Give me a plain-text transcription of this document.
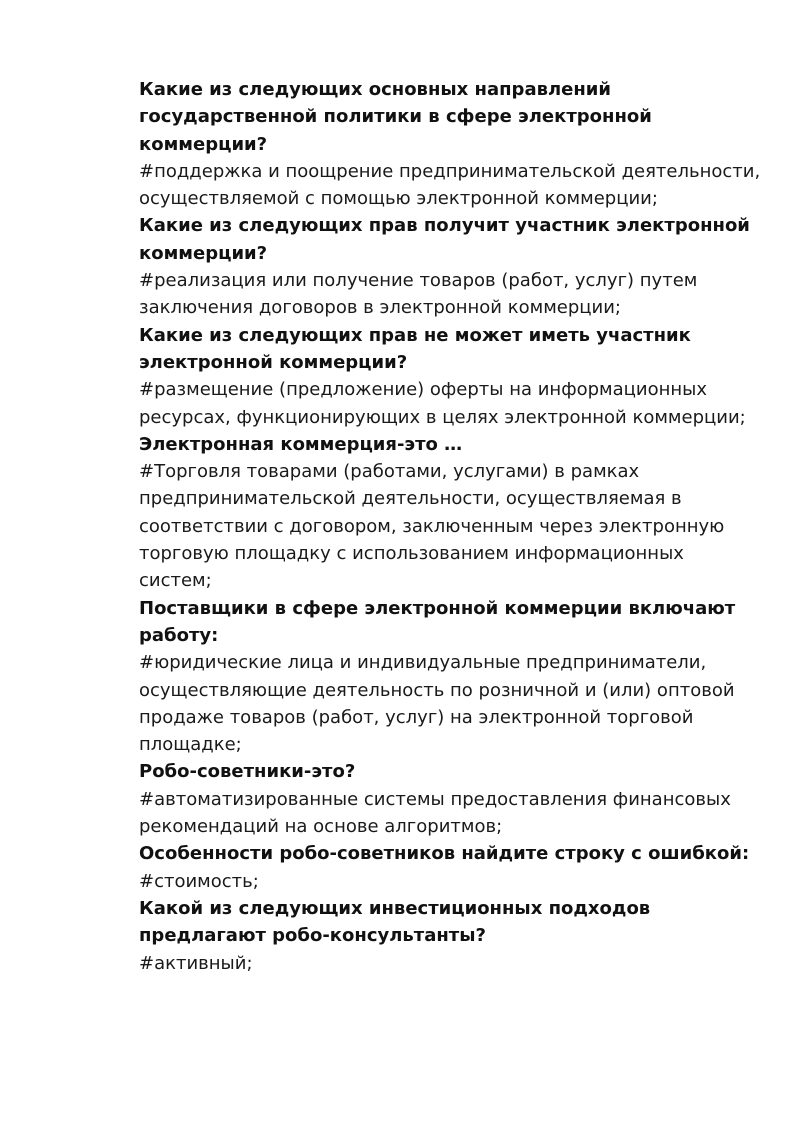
Какие из следующих основных направлений
государственной политики в сфере электронной
коммерции?

#поддержка и поощрение предпринимательской деятельности,
осуществляемой с помощью электронной коммерции;

Какие из следующих прав получит участник электронной
коммерции?

#реализация или получение товаров (работ, услуг) путем
заключения договоров в электронной коммерции;

Какие из следующих прав не может иметь участник
электронной коммерции?

#размещение (предложение) оферты на информационных
ресурсах, функционирующих в целях электронной коммерции;

Электронная коммерция-это …

#Торговля товарами (работами, услугами) в рамках
предпринимательской деятельности, осуществляемая в
соответствии с договором, заключенным через электронную
торговую площадку с использованием информационных
систем;

Поставщики в сфере электронной коммерции включают
работу:

#юридические лица и индивидуальные предприниматели,
осуществляющие деятельность по розничной и (или) оптовой
продаже товаров (работ, услуг) на электронной торговой
площадке;

Робо-советники-это?

#автоматизированные системы предоставления финансовых
рекомендаций на основе алгоритмов;

Особенности робо-советников найдите строку с ошибкой:

#стоимость;

Какой из следующих инвестиционных подходов
предлагают робо-консультанты?

#активный;
